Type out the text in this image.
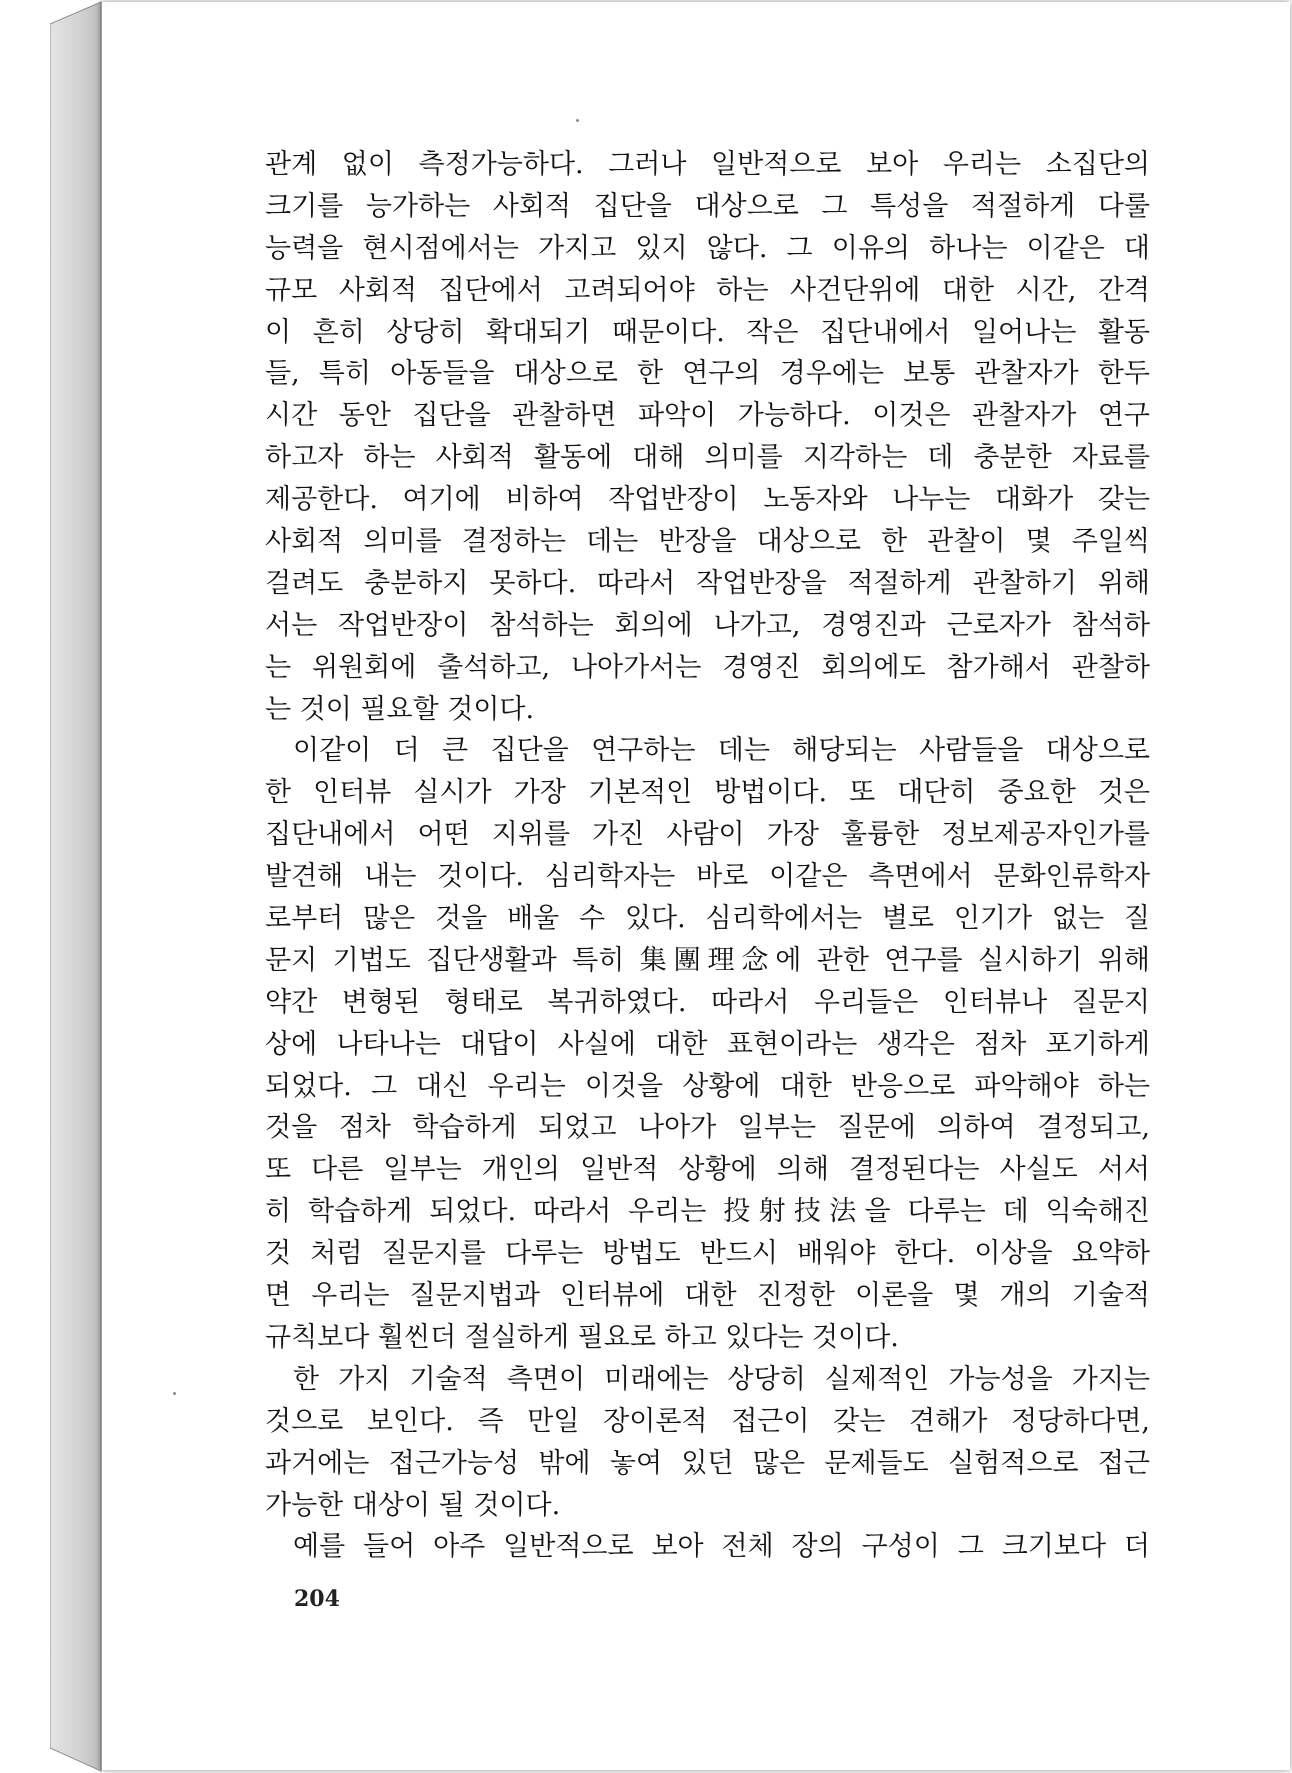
관계 없이 측정가능하다. 그러나 일반적으로 보아 우리는 소집단의
크기를 능가하는 사회적 집단을 대상으로 그 특성을 적절하게 다룰
능력을 현시점에서는 가지고 있지 않다. 그 이유의 하나는 이같은 대
규모 사회적 집단에서 고려되어야 하는 사건단위에 대한 시간, 간격
이 흔히 상당히 확대되기 때문이다. 작은 집단내에서 일어나는 활동
들, 특히 아동들을 대상으로 한 연구의 경우에는 보통 관찰자가 한두
시간 동안 집단을 관찰하면 파악이 가능하다. 이것은 관찰자가 연구
하고자 하는 사회적 활동에 대해 의미를 지각하는 데 충분한 자료를
제공한다. 여기에 비하여 작업반장이 노동자와 나누는 대화가 갖는
사회적 의미를 결정하는 데는 반장을 대상으로 한 관찰이 몇 주일씩
걸려도 충분하지 못하다. 따라서 작업반장을 적절하게 관찰하기 위해
서는 작업반장이 참석하는 회의에 나가고, 경영진과 근로자가 참석하
는 위원회에 출석하고, 나아가서는 경영진 회의에도 참가해서 관찰하
는 것이 필요할 것이다.
이같이 더 큰 집단을 연구하는 데는 해당되는 사람들을 대상으로
한 인터뷰 실시가 가장 기본적인 방법이다. 또 대단히 중요한 것은
집단내에서 어떤 지위를 가진 사람이 가장 훌륭한 정보제공자인가를
발견해 내는 것이다. 심리학자는 바로 이같은 측면에서 문화인류학자
로부터 많은 것을 배울 수 있다. 심리학에서는 별로 인기가 없는 질
문지 기법도 집단생활과 특히 集團理念에 관한 연구를 실시하기 위해
약간 변형된 형태로 복귀하였다. 따라서 우리들은 인터뷰나 질문지
상에 나타나는 대답이 사실에 대한 표현이라는 생각은 점차 포기하게
되었다. 그 대신 우리는 이것을 상황에 대한 반응으로 파악해야 하는
것을 점차 학습하게 되었고 나아가 일부는 질문에 의하여 결정되고,
또 다른 일부는 개인의 일반적 상황에 의해 결정된다는 사실도 서서
히 학습하게 되었다. 따라서 우리는 投射技法을 다루는 데 익숙해진
것 처럼 질문지를 다루는 방법도 반드시 배워야 한다. 이상을 요약하
면 우리는 질문지법과 인터뷰에 대한 진정한 이론을 몇 개의 기술적
규칙보다 훨씬더 절실하게 필요로 하고 있다는 것이다.
한 가지 기술적 측면이 미래에는 상당히 실제적인 가능성을 가지는
것으로 보인다. 즉 만일 장이론적 접근이 갖는 견해가 정당하다면,
과거에는 접근가능성 밖에 놓여 있던 많은 문제들도 실험적으로 접근
가능한 대상이 될 것이다.
예를 들어 아주 일반적으로 보아 전체 장의 구성이 그 크기보다 더
204
